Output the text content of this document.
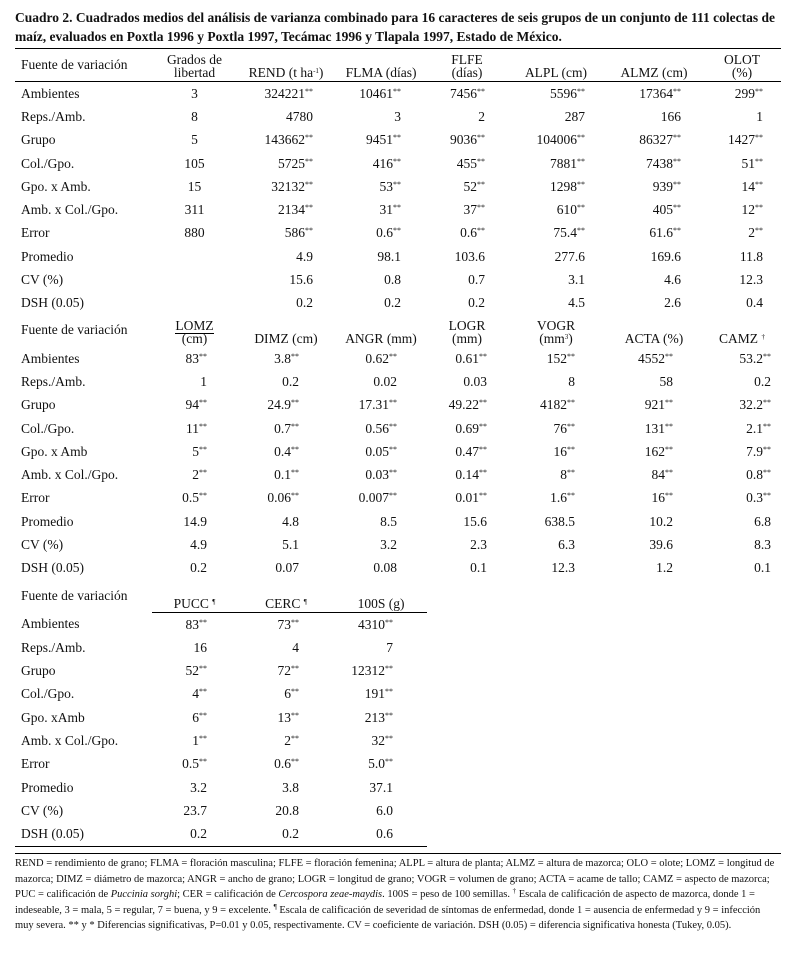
Cuadro 2. Cuadrados medios del análisis de varianza combinado para 16 caracteres de seis grupos de un conjunto de 111 colectas de maíz, evaluados en Poxtla 1996 y Poxtla 1997, Tecámac 1996 y Tlapala 1997, Estado de México.
Fuente de variación	Grados de
libertad	REND (t $ha^{-1}$)	FLMA (días)	FLFE
(días)	ALPL (cm)	ALMZ (cm)	OLOT
(%)
Ambientes	3	324221**	10461**	7456**	5596**	17364**	299**
Reps./Amb.	8	4780	3	2	287	166	1
Grupo	5	143662**	9451**	9036**	104006**	86327**	1427**
Col./Gpo.	105	5725**	416**	455**	7881**	7438**	51**
Gpo. x Amb.	15	32132**	53**	52**	1298**	939**	14**
Amb. x Col./Gpo.	311	2134**	31**	37**	610**	405**	12**
Error	880	586**	0.6**	0.6**	75.4**	61.6**	2**
Promedio		4.9	98.1	103.6	277.6	169.6	11.8
CV (%)		15.6	0.8	0.7	3.1	4.6	12.3
DSH (0.05)		0.2	0.2	0.2	4.5	2.6	0.4
Fuente de variación	LOMZ
(cm)	DIMZ (cm)	ANGR (mm)	LOGR
(mm)	VOGR
$(mm^3)$	ACTA (%)	CAMZ †
Ambientes	83**	3.8**	0.62**	0.61**	152**	4552**	53.2**
Reps./Amb.	1	0.2	0.02	0.03	8	58	0.2
Grupo	94**	24.9**	17.31**	49.22**	4182**	921**	32.2**
Col./Gpo.	11**	0.7**	0.56**	0.69**	76**	131**	2.1**
Gpo. x Amb	5**	0.4**	0.05**	0.47**	16**	162**	7.9**
Amb. x Col./Gpo.	2**	0.1**	0.03**	0.14**	8**	84**	0.8**
Error	0.5**	0.06**	0.007**	0.01**	1.6**	16**	0.3**
Promedio	14.9	4.8	8.5	15.6	638.5	10.2	6.8
CV (%)	4.9	5.1	3.2	2.3	6.3	39.6	8.3
DSH (0.05)	0.2	0.07	0.08	0.1	12.3	1.2	0.1
Fuente de variación	PUCC ¶	CERC ¶	100S (g)				
Ambientes	83**	73**	4310**				
Reps./Amb.	16	4	7				
Grupo	52**	72**	12312**				
Col./Gpo.	4**	6**	191**				
Gpo. xAmb	6**	13**	213**				
Amb. x Col./Gpo.	1**	2**	32**				
Error	0.5**	0.6**	5.0**				
Promedio	3.2	3.8	37.1				
CV (%)	23.7	20.8	6.0				
DSH (0.05)	0.2	0.2	0.6				
REND = rendimiento de grano; FLMA = floración masculina; FLFE = floración femenina; ALPL = altura de planta; ALMZ = altura de mazorca; OLO = olote; LOMZ = longitud de mazorca; DIMZ = diámetro de mazorca; ANGR = ancho de grano; LOGR = longitud de grano; VOGR = volumen de grano; ACTA = acame de tallo; CAMZ = aspecto de mazorca; PUC = calificación de Puccinia sorghi; CER = calificación de Cercospora zeae-maydis. 100S = peso de 100 semillas. † Escala de calificación de aspecto de mazorca, donde 1 = indeseable, 3 = mala, 5 = regular, 7 = buena, y 9 = excelente. ¶ Escala de calificación de severidad de síntomas de enfermedad, donde 1 = ausencia de enfermedad y 9 = infección muy severa. ** y * Diferencias significativas, P=0.01 y 0.05, respectivamente. CV = coeficiente de variación. DSH (0.05) = diferencia significativa honesta (Tukey, 0.05).
